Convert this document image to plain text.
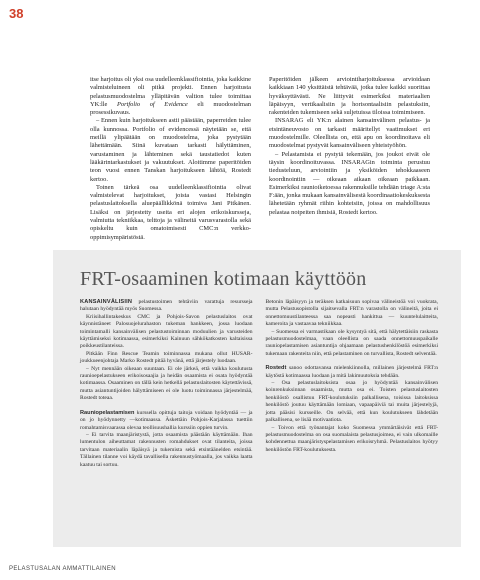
38

itse harjoitus oli yksi osa uudelleenklassifiointia, joka kaikkine valmisteluineen oli pitkä projekti. Ennen harjoitusta pelastusmuodostelma ylläpitävän valtion tulee toimittaa YK:lle Portfolio of Evidence eli muodostelman prosessikuvaus.

– Ennen kuin harjoitukseen astii päästään, paperreiden tulee olla kunnossa. Portfolio of evidencessä näytetään se, että meillä ylipäätään on muodostelma, joka pystytään lähettämään. Siinä kuvataan tarkasti hälyttäminen, varustaminen ja lähteminen sekä taustatiedot kuten lääkärintarkastukset ja vakuutukset. Aloitimme paperitöiden teon vuosi ennen Tanskan harjoitukseen lähtöä, Rostedt kertoo.

Toinen tärkeä osa uudelleenklassifiointia olivat valmistelevat harjoitukset, joista vastasi Helsingin pelastuslaitoksella aluepäällikkönä toimiva Jani Pitkänen. Lisäksi on järjestetty useita eri alojen erikoiskursseja, valmiutta tekniikkaa, telttoja ja välineitä varusvarastolla sekä opiskeltu kuin omatoimisesti CMC:n verkko-oppimisympäristöstä.

Paperitöiden jälkeen arviointiharjoituksessa arvioidaan kaikkiaan 140 yksittäistä tehtävää, jotka tulee kaikki suorittaa hyväksyttävästi. Ne liittyvät esimerkiksi materiaalien läpäisyyn, vertikaalisiin ja horisontaalisiin pelastuksiin, rakenteiden tukemiseen sekä suljetuissa tiloissa toimimiseen.

INSARAG eli YK:n alainen kansainvälinen pelastus- ja etsintäneuvosto on tarkasti määritellyt vaatimukset eri muodostelmille. Oleellista on, että apu on koordinoitava eli muodostelmat pystyvät kansainväliseen yhteistyöhön.

– Pelastamista ei pystytä tekemään, jos joukot eivät ole täysin koordinoituvassa. INSARAGin toiminta perustuu tiedusteluun, arviointiin ja yksiköiden tehokkaaseen koordinointiin — oikeaan aikaan oikeaan paikkaan. Esimerkiksi raunioiketoessa rakennuksille tehdään triage A:sta F:ään, jonka mukaan kansainvälisestä koordinaatiokeskuksesta lähetetään ryhmät riihin kohteisiin, joissa on mahdollisuus pelastaa noipeiten ihmisiä, Rostedt kertoo.

FRT-osaaminen kotimaan käyttöön

KANSAINVÄLISIIN pelastustoimen tehtäviin varattuja resursseja halutaan hyödyntää myös Suomessa.

Kriisihallintakeskus CMC ja Pohjois-Savon pelastuslaitos ovat käynnistäneet Palosuojelurahaston tukeman hankkeen, jossa luodaan toimintamalli kansainvälisen pelastustoiminnan moduulien ja varusteiden käyttämiseksi kotimaassa, esimerkiksi Kainuun sähkökatkosten kaltaisissa poikkeustilanteissa.

Pitkään Finn Rescue Teamin toiminnassa mukana ollut HUSAR-joukkueenjohtaja Marko Rostedt pitää hyvänä, että järjestely luodaan.

– Nyt mennään oikeaan suuntaan. Ei ole järkeä, että vaikka koulutusta raunioepelastukseen erikoisosaajia ja heidän osaamista ei osata hyödyntää kotimaassa. Osaaminen on tällä kein hetkellä pelastuslaitosten käytettävissä, mutta asiantuntijoiden hälyttämiseen ei ole luotu toiminnassa järjestelmää, Rostedt toteaa.

Rauniopelastamisen kurssella opittuja taitoja voidaan hyödyntää — ja on jo hyödynnetty —kotimaassa. Äskettäin Pohjois-Karjalassa tuettiin romahtamisvaarassa olevaa teollisuushallia kurssiin oppien turvin.

– Ei tarvita maanjäristystä, jotta osaamista päästään käyttämään. Ihan lumentulon aiheuttamat rakennusten romahdukset ovat tilanteita, joissa tarvitaan materiaalin läpäisyä ja tukemista sekä etsintäänelden etsintää. Tällainen tilanne voi käydä tavallisella rakennustyömaalla, jos vaikka laatta kaatuu tai sortuu.

Betonin läpäisyyn ja teräksen katkaisuun sopivaa välineistöä voi vuokrata, mutta Pelastusopistolla sijaitsevalla FRT:n varastolla on välineitä, joita ei onnettomuustilanteessa saa nopeasti hankittua — kuuntelulaitteita, kameroita ja vastaavaa tekniikkaa.

– Suomessa ei varmastikaan ole kysyntyä sitä, että hälytettäisiin raskasta pelastusmuodostelmaa, vaan oleellista on saada onnettomuuspaikalle rauniopelastamisen asiantuntija ohjaamaan pelastushenkilöstöä esimerkiksi tukemaan rakenteita niin, että pelastaminen on turvallista, Rostedt selventää.

Rostedt sanoo odottavansa mielenkiinnolla, millainen järjestelmä FRT:n käytöstä kotimaassa luodaan ja mitä lakimuutoksia tehdään.

– Osa pelastuslaitoksista osaa jo hyödyntää kansainvälisen koinrenkuksinnan osaamista, mutta osa ei. Toisten pelastuslaitosten henkilöstö osallistuu FRT-koulutuksiin palkallisena, toisissa laitoksissa henkilöstö joutuu käyttämään lomiaan, vapaapäiviä tai muita järjestelyjä, jotta pääsisi kursseille. On selvää, että kun koulutukseen lähdetään palkallisena, se lisää motivaatiota.

– Toivon että työnantajat koko Suomessa ymmärtäisivät että FRT-pelastusmuodostelma on osa suomalaista pelastusjoimea, ei vain ulkomaille kohdennettua maanjäristyspelastamisen erikoisryhmä. Pelastuslaitos hyötyy henkilöstön FRT-koulutuksesta.

PELASTUSALAN AMMATTILAINEN
